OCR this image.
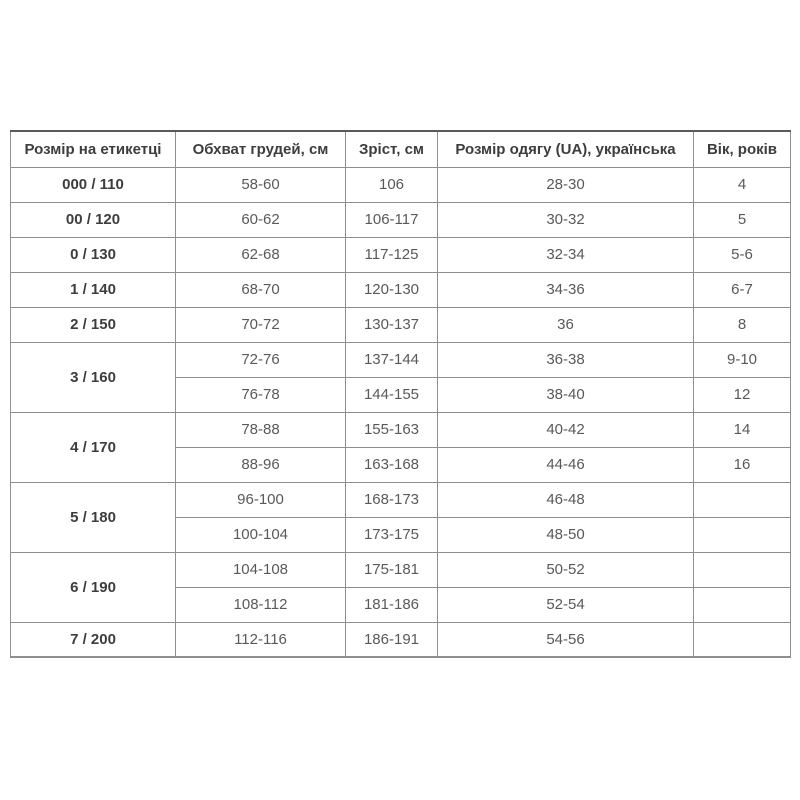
Розмір на етикетці	Обхват грудей, см	Зріст, см	Розмір одягу (UA), українська	Вік, років
000 / 110	58-60	106	28-30	4
00 / 120	60-62	106-117	30-32	5
0 / 130	62-68	117-125	32-34	5-6
1 / 140	68-70	120-130	34-36	6-7
2 / 150	70-72	130-137	36	8
3 / 160	72-76	137-144	36-38	9-10
	76-78	144-155	38-40	12
4 / 170	78-88	155-163	40-42	14
	88-96	163-168	44-46	16
5 / 180	96-100	168-173	46-48	
	100-104	173-175	48-50	
6 / 190	104-108	175-181	50-52	
	108-112	181-186	52-54	
7 / 200	112-116	186-191	54-56	
